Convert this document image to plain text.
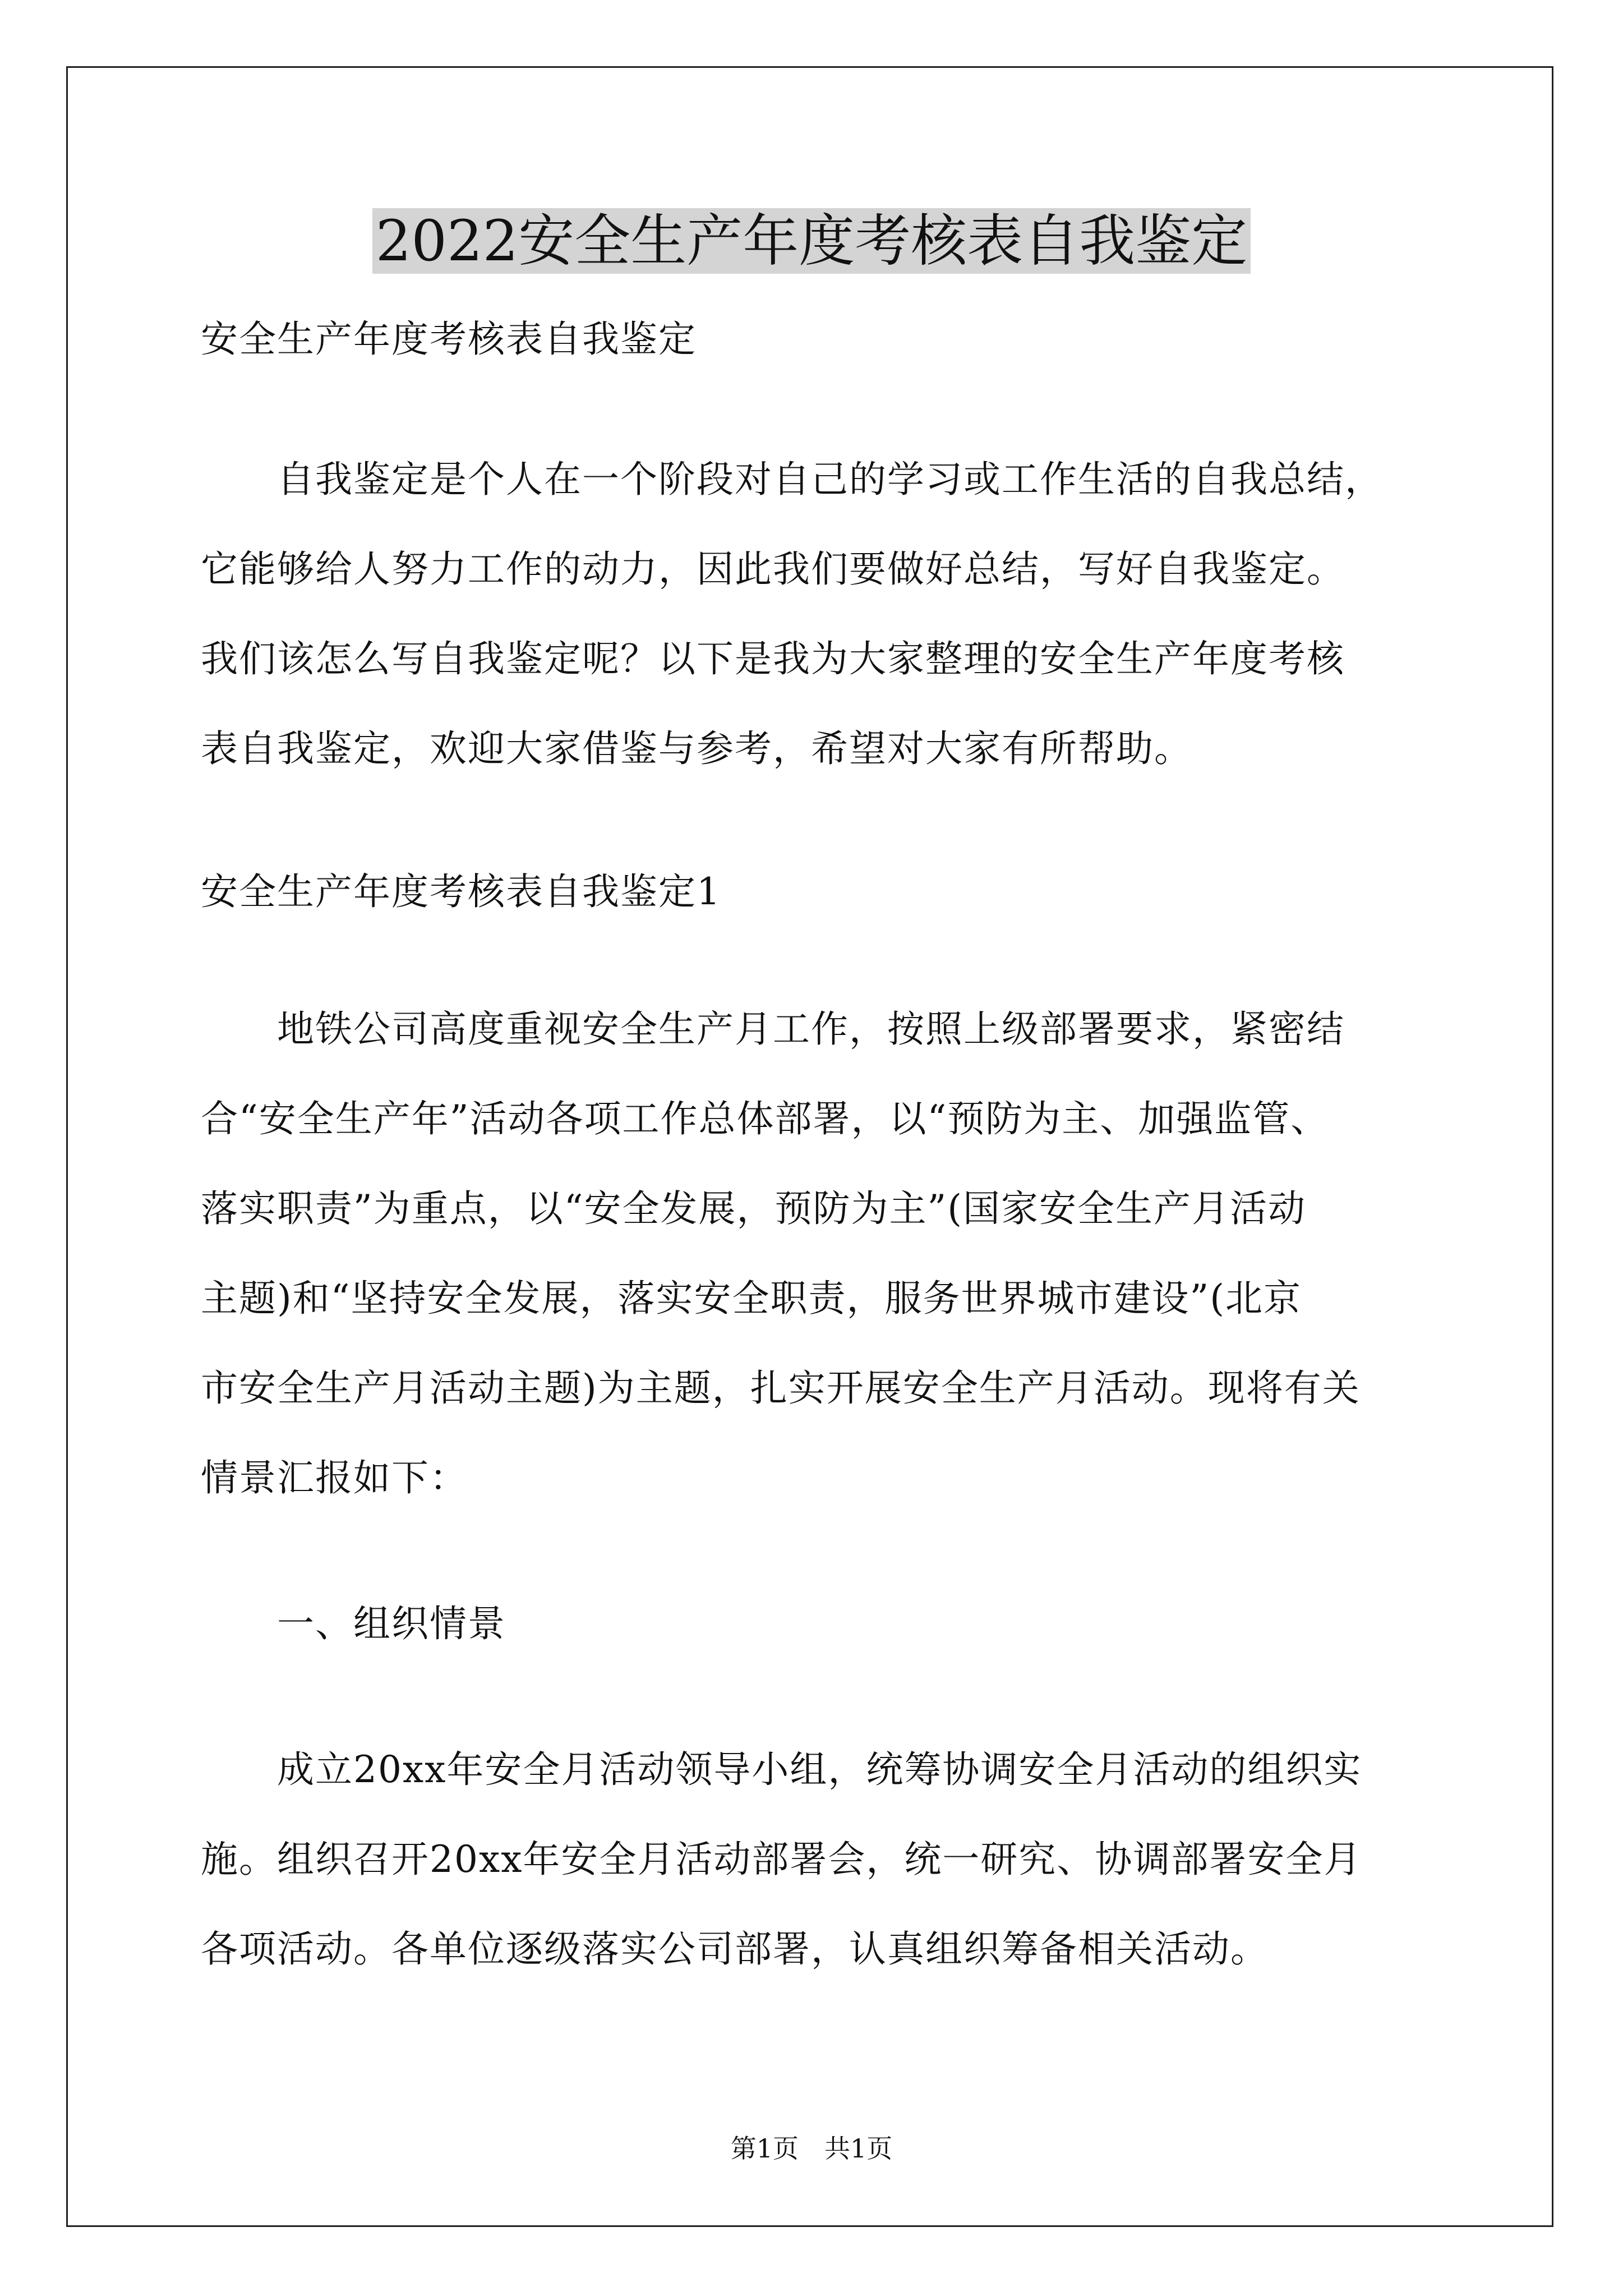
2022安全生产年度考核表自我鉴定

安全生产年度考核表自我鉴定

　　自我鉴定是个人在一个阶段对自己的学习或工作生活的自我总结，

它能够给人努力工作的动力，因此我们要做好总结，写好自我鉴定。

我们该怎么写自我鉴定呢？以下是我为大家整理的安全生产年度考核

表自我鉴定，欢迎大家借鉴与参考，希望对大家有所帮助。

安全生产年度考核表自我鉴定1

　　地铁公司高度重视安全生产月工作，按照上级部署要求，紧密结

合“安全生产年”活动各项工作总体部署，以“预防为主、加强监管、

落实职责”为重点，以“安全发展，预防为主”(国家安全生产月活动

主题)和“坚持安全发展，落实安全职责，服务世界城市建设”(北京

市安全生产月活动主题)为主题，扎实开展安全生产月活动。现将有关

情景汇报如下：

　　一、组织情景

　　成立20xx年安全月活动领导小组，统筹协调安全月活动的组织实

施。组织召开20xx年安全月活动部署会，统一研究、协调部署安全月

各项活动。各单位逐级落实公司部署，认真组织筹备相关活动。

第1页　共1页
